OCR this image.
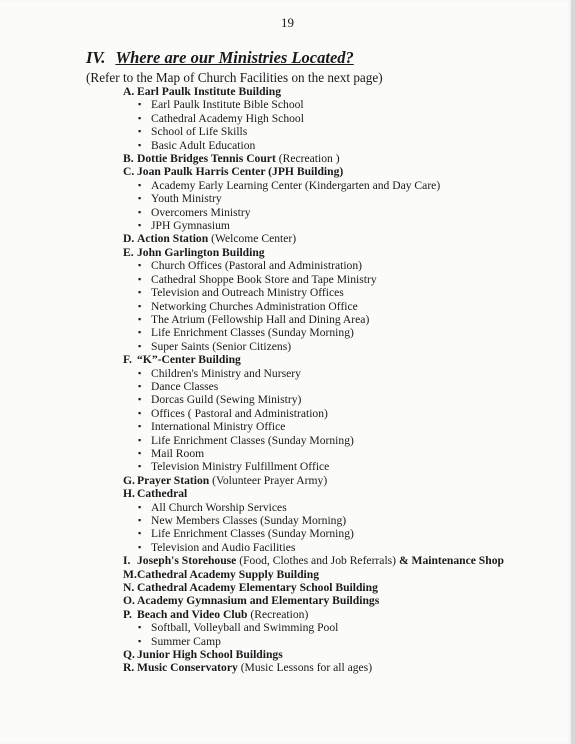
19
IV. Where are our Ministries Located?
(Refer to the Map of Church Facilities on the next page)
A. Earl Paulk Institute Building
▪ Earl Paulk Institute Bible School
▪ Cathedral Academy High School
▪ School of Life Skills
▪ Basic Adult Education
B. Dottie Bridges Tennis Court (Recreation )
C. Joan Paulk Harris Center (JPH Building)
▪ Academy Early Learning Center (Kindergarten and Day Care)
▪ Youth Ministry
▪ Overcomers Ministry
▪ JPH Gymnasium
D. Action Station (Welcome Center)
E. John Garlington Building
▪ Church Offices (Pastoral and Administration)
▪ Cathedral Shoppe Book Store and Tape Ministry
▪ Television and Outreach Ministry Offices
▪ Networking Churches Administration Office
▪ The Atrium (Fellowship Hall and Dining Area)
▪ Life Enrichment Classes (Sunday Morning)
▪ Super Saints (Senior Citizens)
F. “K”-Center Building
▪ Children's Ministry and Nursery
▪ Dance Classes
▪ Dorcas Guild (Sewing Ministry)
▪ Offices ( Pastoral and Administration)
▪ International Ministry Office
▪ Life Enrichment Classes (Sunday Morning)
▪ Mail Room
▪ Television Ministry Fulfillment Office
G. Prayer Station (Volunteer Prayer Army)
H. Cathedral
▪ All Church Worship Services
▪ New Members Classes (Sunday Morning)
▪ Life Enrichment Classes (Sunday Morning)
▪ Television and Audio Facilities
I. Joseph's Storehouse (Food, Clothes and Job Referrals) & Maintenance Shop
M.Cathedral Academy Supply Building
N. Cathedral Academy Elementary School Building
O. Academy Gymnasium and Elementary Buildings
P. Beach and Video Club (Recreation)
▪ Softball, Volleyball and Swimming Pool
▪ Summer Camp
Q. Junior High School Buildings
R. Music Conservatory (Music Lessons for all ages)
